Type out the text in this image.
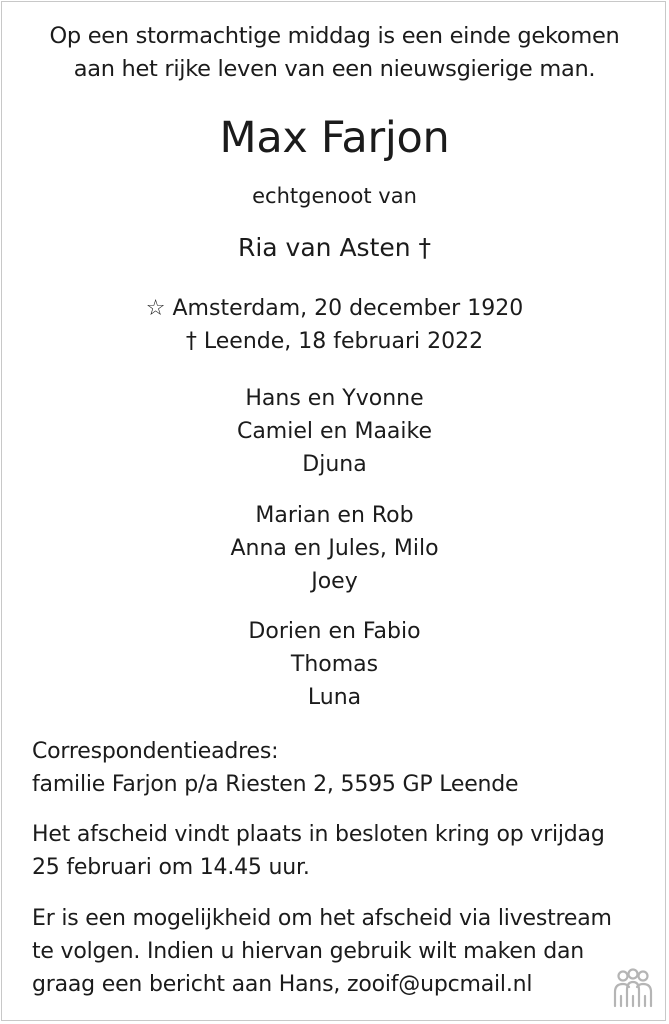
Op een stormachtige middag is een einde gekomen
aan het rijke leven van een nieuwsgierige man.
Max Farjon
echtgenoot van
Ria van Asten †
☆ Amsterdam, 20 december 1920
† Leende, 18 februari 2022
Hans en Yvonne
Camiel en Maaike
Djuna
Marian en Rob
Anna en Jules, Milo
Joey
Dorien en Fabio
Thomas
Luna
Correspondentieadres:
familie Farjon p/a Riesten 2, 5595 GP Leende
Het afscheid vindt plaats in besloten kring op vrijdag
25 februari om 14.45 uur.
Er is een mogelijkheid om het afscheid via livestream
te volgen. Indien u hiervan gebruik wilt maken dan
graag een bericht aan Hans, zooif@upcmail.nl
